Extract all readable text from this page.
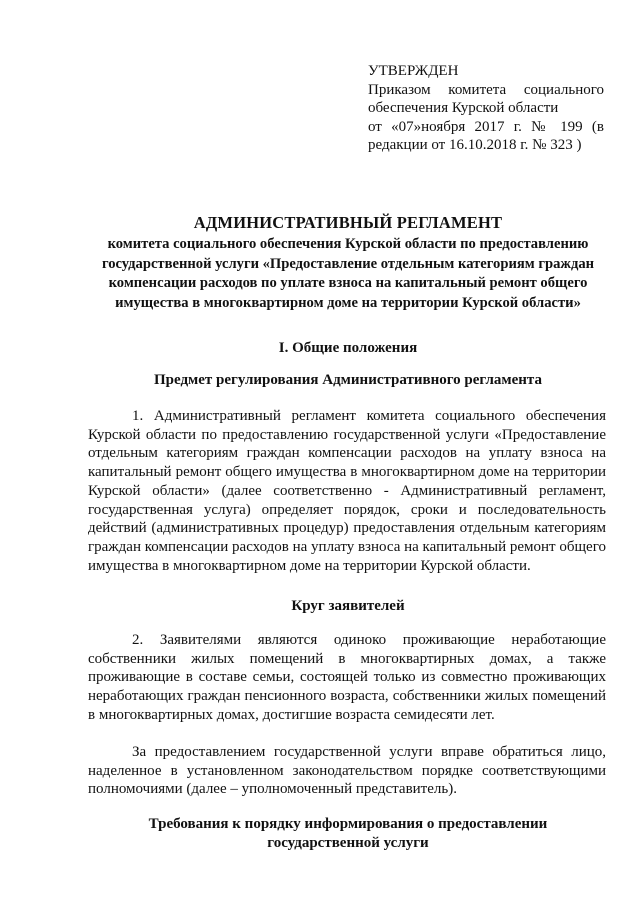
УТВЕРЖДЕН
Приказом комитета социального
обеспечения Курской области
от «07»ноября 2017 г. № 199 (в
редакции от 16.10.2018 г. № 323 )
АДМИНИСТРАТИВНЫЙ РЕГЛАМЕНТ
комитета социального обеспечения Курской области по предоставлению государственной услуги «Предоставление отдельным категориям граждан компенсации расходов по уплате взноса на капитальный ремонт общего имущества в многоквартирном доме на территории Курской области»
I. Общие положения
Предмет регулирования Административного регламента

1. Административный регламент комитета социального обеспечения Курской области по предоставлению государственной услуги «Предоставление отдельным категориям граждан компенсации расходов на уплату взноса на капитальный ремонт общего имущества в многоквартирном доме на территории Курской области» (далее соответственно - Административный регламент, государственная услуга) определяет порядок, сроки и последовательность действий (административных процедур) предоставления отдельным категориям граждан компенсации расходов на уплату взноса на капитальный ремонт общего имущества в многоквартирном доме на территории Курской области.

Круг заявителей

2. Заявителями являются одиноко проживающие неработающие собственники жилых помещений в многоквартирных домах, а также проживающие в составе семьи, состоящей только из совместно проживающих неработающих граждан пенсионного возраста, собственники жилых помещений в многоквартирных домах, достигшие возраста семидесяти лет.

За предоставлением государственной услуги вправе обратиться лицо, наделенное в установленном законодательством порядке соответствующими полномочиями (далее – уполномоченный представитель).

Требования к порядку информирования о предоставлении государственной услуги
